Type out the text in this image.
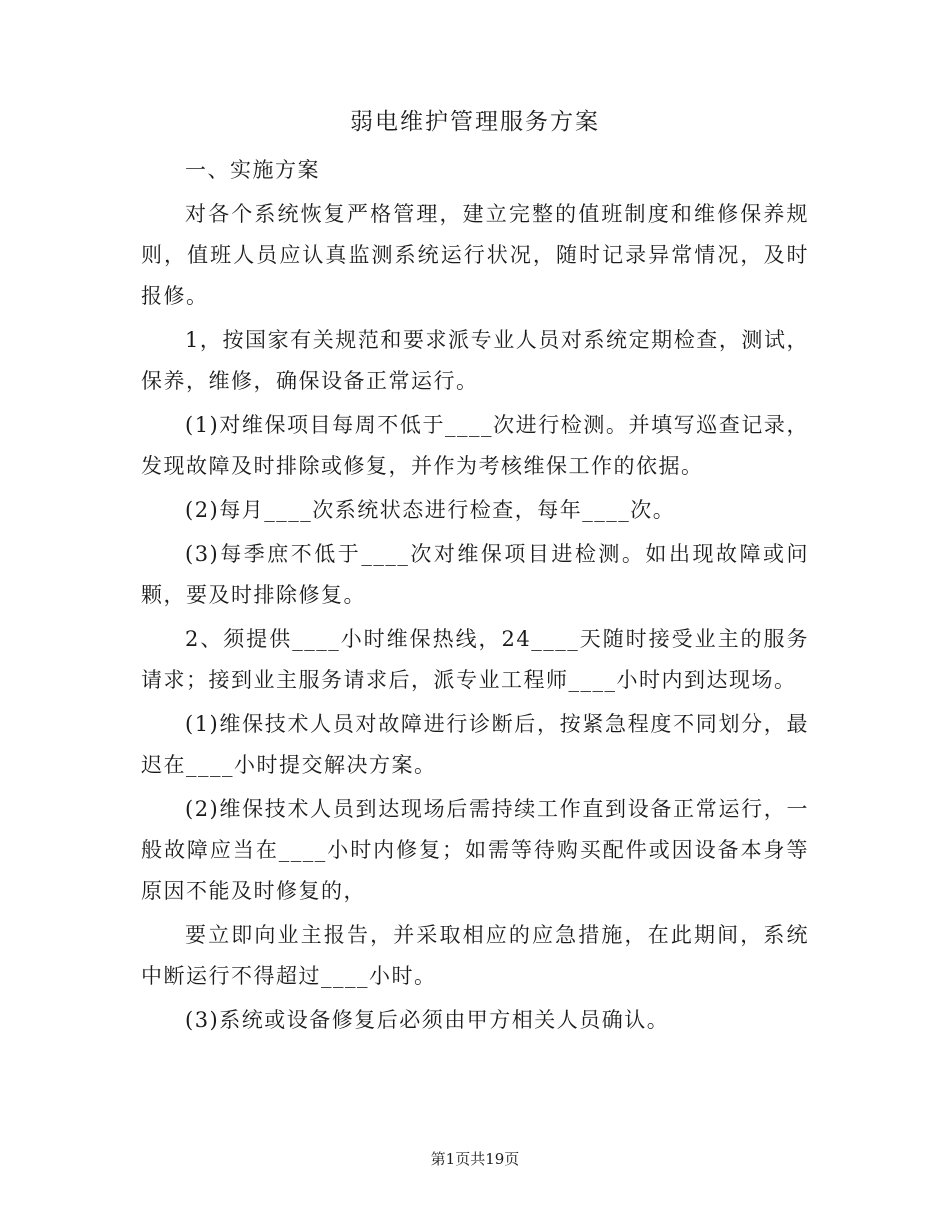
弱电维护管理服务方案

一、实施方案

对各个系统恢复严格管理，建立完整的值班制度和维修保养规则，值班人员应认真监测系统运行状况，随时记录异常情况，及时报修。

1，按国家有关规范和要求派专业人员对系统定期检查，测试，保养，维修，确保设备正常运行。

(1)对维保项目每周不低于____次进行检测。并填写巡查记录，发现故障及时排除或修复，并作为考核维保工作的依据。

(2)每月____次系统状态进行检查，每年____次。

(3)每季庶不低于____次对维保项目进检测。如出现故障或问颗，要及时排除修复。

2、须提供____小时维保热线，24____天随时接受业主的服务请求；接到业主服务请求后，派专业工程师____小时内到达现场。

(1)维保技术人员对故障进行诊断后，按紧急程度不同划分，最迟在____小时提交解决方案。

(2)维保技术人员到达现场后需持续工作直到设备正常运行，一般故障应当在____小时内修复；如需等待购买配件或因设备本身等原因不能及时修复的，

要立即向业主报告，并采取相应的应急措施，在此期间，系统中断运行不得超过____小时。

(3)系统或设备修复后必须由甲方相关人员确认。

第1页共19页
